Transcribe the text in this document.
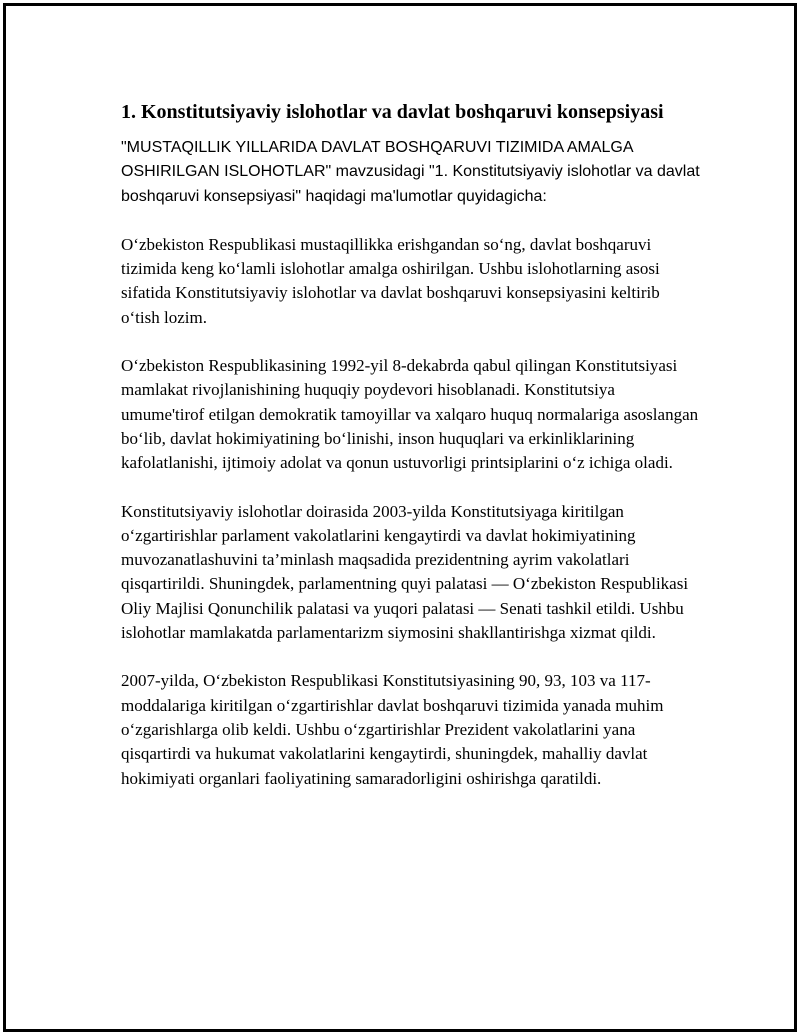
1. Konstitutsiyaviy islohotlar va davlat boshqaruvi konsepsiyasi

"MUSTAQILLIK YILLARIDA DAVLAT BOSHQARUVI TIZIMIDA AMALGA OSHIRILGAN ISLOHOTLAR" mavzusidagi "1. Konstitutsiyaviy islohotlar va davlat boshqaruvi konsepsiyasi" haqidagi ma'lumotlar quyidagicha:

O‘zbekiston Respublikasi mustaqillikka erishgandan so‘ng, davlat boshqaruvi tizimida keng ko‘lamli islohotlar amalga oshirilgan. Ushbu islohotlarning asosi sifatida Konstitutsiyaviy islohotlar va davlat boshqaruvi konsepsiyasini keltirib o‘tish lozim.

O‘zbekiston Respublikasining 1992-yil 8-dekabrda qabul qilingan Konstitutsiyasi mamlakat rivojlanishining huquqiy poydevori hisoblanadi. Konstitutsiya umume'tirof etilgan demokratik tamoyillar va xalqaro huquq normalariga asoslangan bo‘lib, davlat hokimiyatining bo‘linishi, inson huquqlari va erkinliklarining kafolatlanishi, ijtimoiy adolat va qonun ustuvorligi printsiplarini o‘z ichiga oladi.

Konstitutsiyaviy islohotlar doirasida 2003-yilda Konstitutsiyaga kiritilgan o‘zgartirishlar parlament vakolatlarini kengaytirdi va davlat hokimiyatining muvozanatlashuvini ta’minlash maqsadida prezidentning ayrim vakolatlari qisqartirildi. Shuningdek, parlamentning quyi palatasi — O‘zbekiston Respublikasi Oliy Majlisi Qonunchilik palatasi va yuqori palatasi — Senati tashkil etildi. Ushbu islohotlar mamlakatda parlamentarizm siymosini shakllantirishga xizmat qildi.

2007-yilda, O‘zbekiston Respublikasi Konstitutsiyasining 90, 93, 103 va 117-moddalariga kiritilgan o‘zgartirishlar davlat boshqaruvi tizimida yanada muhim o‘zgarishlarga olib keldi. Ushbu o‘zgartirishlar Prezident vakolatlarini yana qisqartirdi va hukumat vakolatlarini kengaytirdi, shuningdek, mahalliy davlat hokimiyati organlari faoliyatining samaradorligini oshirishga qaratildi.
